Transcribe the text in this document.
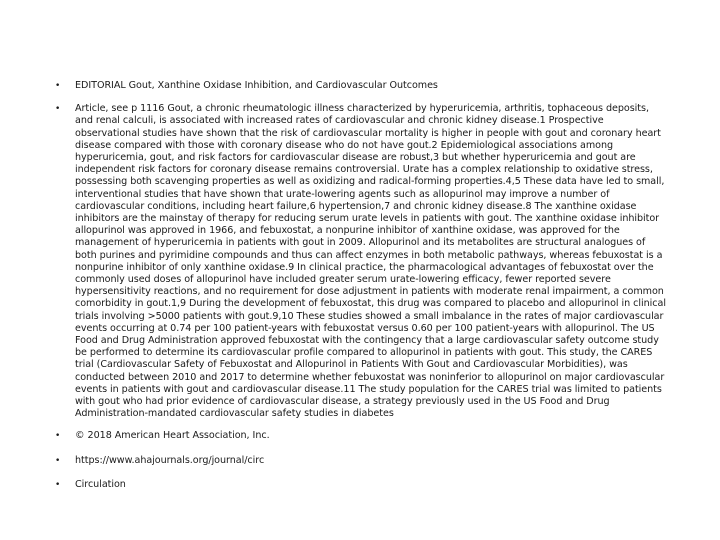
• EDITORIAL Gout, Xanthine Oxidase Inhibition, and Cardiovascular Outcomes
• Article, see p 1116 Gout, a chronic rheumatologic illness characterized by hyperuricemia, arthritis, tophaceous deposits, and renal calculi, is associated with increased rates of cardiovascular and chronic kidney disease.1 Prospective observational studies have shown that the risk of cardiovascular mortality is higher in people with gout and coronary heart disease compared with those with coronary disease who do not have gout.2 Epidemiological associations among hyperuricemia, gout, and risk factors for cardiovascular disease are robust,3 but whether hyperuricemia and gout are independent risk factors for coronary disease remains controversial. Urate has a complex relationship to oxidative stress, possessing both scavenging properties as well as oxidizing and radical-forming properties.4,5 These data have led to small, interventional studies that have shown that urate-lowering agents such as allopurinol may improve a number of cardiovascular conditions, including heart failure,6 hypertension,7 and chronic kidney disease.8 The xanthine oxidase inhibitors are the mainstay of therapy for reducing serum urate levels in patients with gout. The xanthine oxidase inhibitor allopurinol was approved in 1966, and febuxostat, a nonpurine inhibitor of xanthine oxidase, was approved for the management of hyperuricemia in patients with gout in 2009. Allopurinol and its metabolites are structural analogues of both purines and pyrimidine compounds and thus can affect enzymes in both metabolic pathways, whereas febuxostat is a nonpurine inhibitor of only xanthine oxidase.9 In clinical practice, the pharmacological advantages of febuxostat over the commonly used doses of allopurinol have included greater serum urate-lowering efficacy, fewer reported severe hypersensitivity reactions, and no requirement for dose adjustment in patients with moderate renal impairment, a common comorbidity in gout.1,9 During the development of febuxostat, this drug was compared to placebo and allopurinol in clinical trials involving >5000 patients with gout.9,10 These studies showed a small imbalance in the rates of major cardiovascular events occurring at 0.74 per 100 patient-years with febuxostat versus 0.60 per 100 patient-years with allopurinol. The US Food and Drug Administration approved febuxostat with the contingency that a large cardiovascular safety outcome study be performed to determine its cardiovascular profile compared to allopurinol in patients with gout. This study, the CARES trial (Cardiovascular Safety of Febuxostat and Allopurinol in Patients With Gout and Cardiovascular Morbidities), was conducted between 2010 and 2017 to determine whether febuxostat was noninferior to allopurinol on major cardiovascular events in patients with gout and cardiovascular disease.11 The study population for the CARES trial was limited to patients with gout who had prior evidence of cardiovascular disease, a strategy previously used in the US Food and Drug Administration-mandated cardiovascular safety studies in diabetes
• © 2018 American Heart Association, Inc.
• https://www.ahajournals.org/journal/circ
• Circulation
